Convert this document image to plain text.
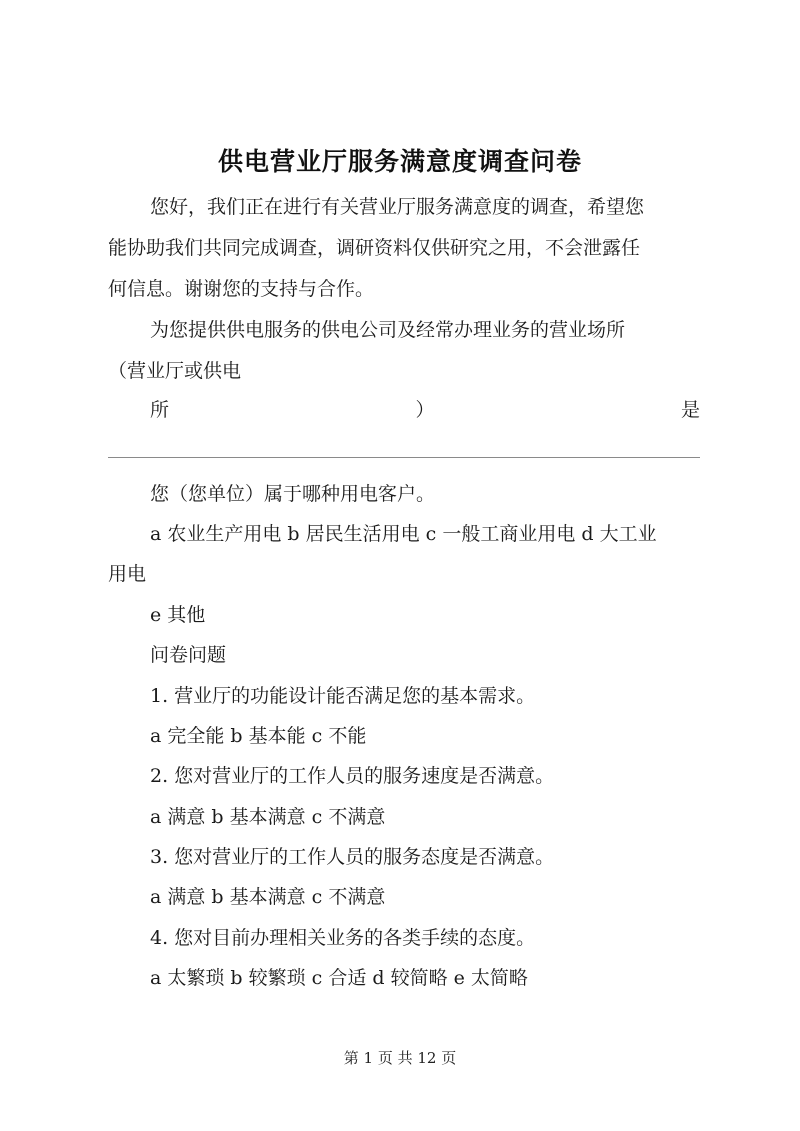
供电营业厅服务满意度调查问卷
您好，我们正在进行有关营业厅服务满意度的调查，希望您
能协助我们共同完成调查，调研资料仅供研究之用，不会泄露任
何信息。谢谢您的支持与合作。
为您提供供电服务的供电公司及经常办理业务的营业场所
（营业厅或供电
所	）	是
您（您单位）属于哪种用电客户。
a 农业生产用电 b 居民生活用电 c 一般工商业用电 d 大工业
用电
e 其他
问卷问题
1. 营业厅的功能设计能否满足您的基本需求。
a 完全能 b 基本能 c 不能
2. 您对营业厅的工作人员的服务速度是否满意。
a 满意 b 基本满意 c 不满意
3. 您对营业厅的工作人员的服务态度是否满意。
a 满意 b 基本满意 c 不满意
4. 您对目前办理相关业务的各类手续的态度。
a 太繁琐 b 较繁琐 c 合适 d 较简略 e 太简略
第 1 页 共 12 页
